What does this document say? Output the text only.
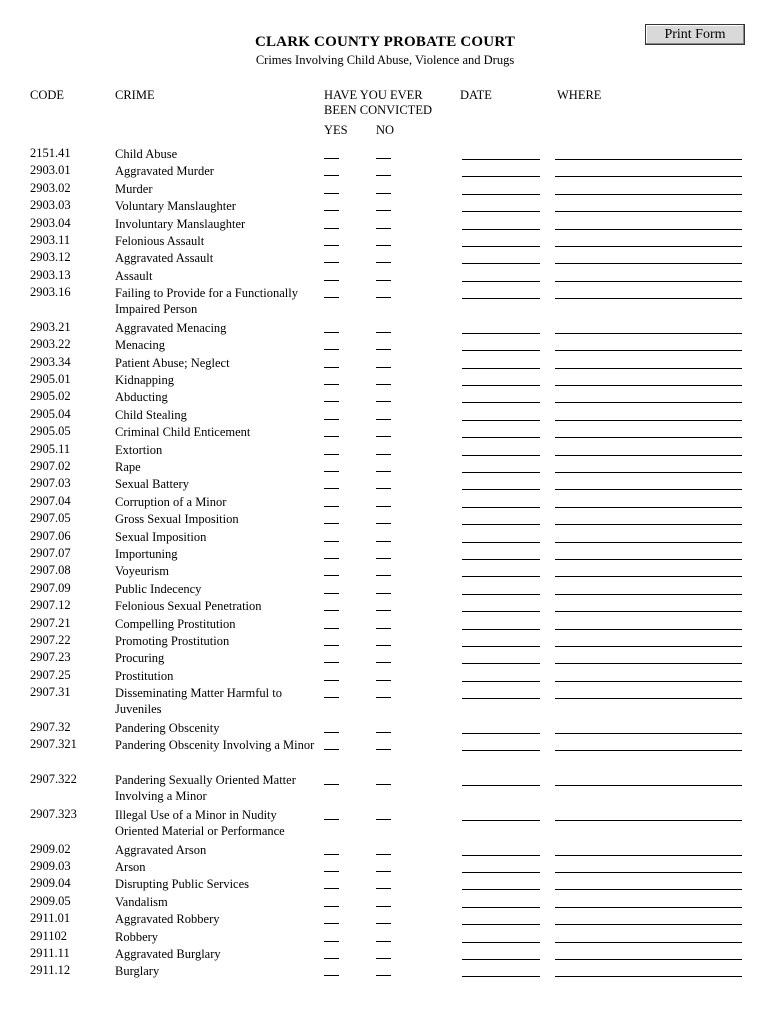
Print Form
CLARK COUNTY PROBATE COURT
Crimes Involving Child Abuse, Violence and Drugs
CODE	CRIME	HAVE YOU EVER
BEEN CONVICTED
YES NO
DATE	WHERE
2151.41	Child Abuse
2903.01	Aggravated Murder
2903.02	Murder
2903.03	Voluntary Manslaughter
2903.04	Involuntary Manslaughter
2903.11	Felonious Assault
2903.12	Aggravated Assault
2903.13	Assault
2903.16	Failing to Provide for a Functionally Impaired Person
2903.21	Aggravated Menacing
2903.22	Menacing
2903.34	Patient Abuse; Neglect
2905.01	Kidnapping
2905.02	Abducting
2905.04	Child Stealing
2905.05	Criminal Child Enticement
2905.11	Extortion
2907.02	Rape
2907.03	Sexual Battery
2907.04	Corruption of a Minor
2907.05	Gross Sexual Imposition
2907.06	Sexual Imposition
2907.07	Importuning
2907.08	Voyeurism
2907.09	Public Indecency
2907.12	Felonious Sexual Penetration
2907.21	Compelling Prostitution
2907.22	Promoting Prostitution
2907.23	Procuring
2907.25	Prostitution
2907.31	Disseminating Matter Harmful to Juveniles
2907.32	Pandering Obscenity
2907.321	Pandering Obscenity Involving a Minor
2907.322	Pandering Sexually Oriented Matter Involving a Minor
2907.323	Illegal Use of a Minor in Nudity Oriented Material or Performance
2909.02	Aggravated Arson
2909.03	Arson
2909.04	Disrupting Public Services
2909.05	Vandalism
2911.01	Aggravated Robbery
291102	Robbery
2911.11	Aggravated Burglary
2911.12	Burglary
